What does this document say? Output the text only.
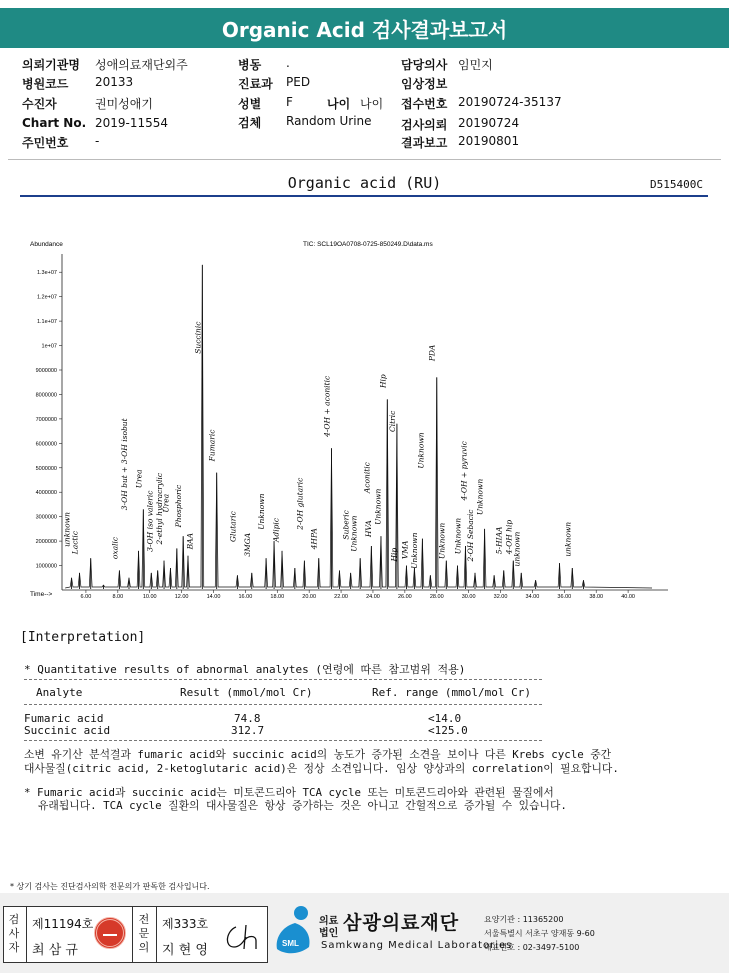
Organic Acid 검사결과보고서
의뢰기관명 성애의료재단외주
병원코드 20133
수진자	권미성애기
Chart No. 2019-11554
주민번호 -
병동 .
진료과 PED
성별 F	나이 나이
검체 Random Urine
담당의사 임민지
임상정보
접수번호 20190724-35137
검사의뢰 20190724
결과보고 20190801
Organic acid (RU)	D515400C
Abundance	TIC: SCL19OA0708-0725-850249.D\data.ms
Time-->
1000000
2000000
3000000
4000000
5000000
6000000
7000000
8000000
9000000
1e+07
1.1e+07
1.2e+07
1.3e+07
6.00	8.00	10.00	12.00	14.00	16.00	18.00	20.00	22.00	24.00	26.00	28.00	30.00	32.00	34.00	36.00	38.00	40.00
unknown
Lactic	oxalic
3-OH but + 3-OH isobut Urea
3-OH iso valeric 2-ethyl hydracrylic
Urea Phosphoric
BAA
Succinic
Fumaric
Glutaric
3MGA
Unknown
Adipic
2-OH glutaric
4HPA
4-OH + aconitic
Suberic
Unknown
Aconitic
HVA
Unknown
Citric
Hip
Hip VMA Unknown
Unknown
PDA
Unknown
4-OH + pyruvic
Unknown 2-OH Sebacic
Unknown
5-HIAA 4-OH hip
unknown	unknown
[Interpretation]
* Quantitative results of abnormal analytes (연령에 따른 참고범위 적용)
Analyte	Result (mmol/mol Cr)	Ref. range (mmol/mol Cr)
Fumaric acid	74.8	<14.0
Succinic acid	312.7	<125.0
소변 유기산 분석결과 fumaric acid와 succinic acid의 농도가 증가된 소견을 보이나 다른 Krebs cycle 중간
대사물질(citric acid, 2-ketoglutaric acid)은 정상 소견입니다. 임상 양상과의 correlation이 필요합니다.
* Fumaric acid과 succinic acid는 미토콘드리아 TCA cycle 또는 미토콘드리아와 관련된 물질에서
유래됩니다. TCA cycle 질환의 대사물질은 항상 증가하는 것은 아니고 간헐적으로 증가될 수 있습니다.
* 상기 검사는 진단검사의학 전문의가 판독한 검사입니다.
검
사
자
제11194호
최 삼 규
전
문
의
제333호
지 현 영	SML
의료
법인 삼광의료재단
Samkwang Medical Laboratories
요양기관 : 11365200
서울특별시 서초구 양재동 9-60
대표번호 : 02-3497-5100
